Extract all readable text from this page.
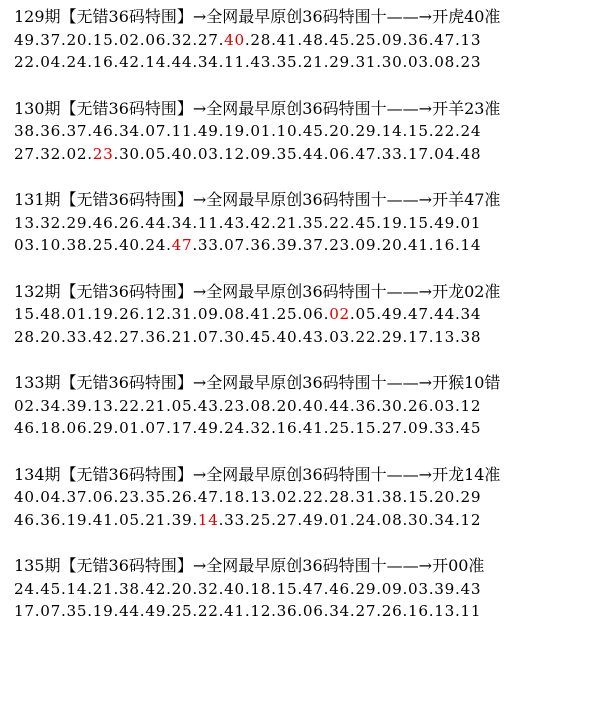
129期【无错36码特围】→全网最早原创36码特围十——→开虎40准
49.37.20.15.02.06.32.27.40.28.41.48.45.25.09.36.47.13
22.04.24.16.42.14.44.34.11.43.35.21.29.31.30.03.08.23
130期【无错36码特围】→全网最早原创36码特围十——→开羊23准
38.36.37.46.34.07.11.49.19.01.10.45.20.29.14.15.22.24
27.32.02.23.30.05.40.03.12.09.35.44.06.47.33.17.04.48
131期【无错36码特围】→全网最早原创36码特围十——→开羊47准
13.32.29.46.26.44.34.11.43.42.21.35.22.45.19.15.49.01
03.10.38.25.40.24.47.33.07.36.39.37.23.09.20.41.16.14
132期【无错36码特围】→全网最早原创36码特围十——→开龙02准
15.48.01.19.26.12.31.09.08.41.25.06.02.05.49.47.44.34
28.20.33.42.27.36.21.07.30.45.40.43.03.22.29.17.13.38
133期【无错36码特围】→全网最早原创36码特围十——→开猴10错
02.34.39.13.22.21.05.43.23.08.20.40.44.36.30.26.03.12
46.18.06.29.01.07.17.49.24.32.16.41.25.15.27.09.33.45
134期【无错36码特围】→全网最早原创36码特围十——→开龙14准
40.04.37.06.23.35.26.47.18.13.02.22.28.31.38.15.20.29
46.36.19.41.05.21.39.14.33.25.27.49.01.24.08.30.34.12
135期【无错36码特围】→全网最早原创36码特围十——→开00准
24.45.14.21.38.42.20.32.40.18.15.47.46.29.09.03.39.43
17.07.35.19.44.49.25.22.41.12.36.06.34.27.26.16.13.11
